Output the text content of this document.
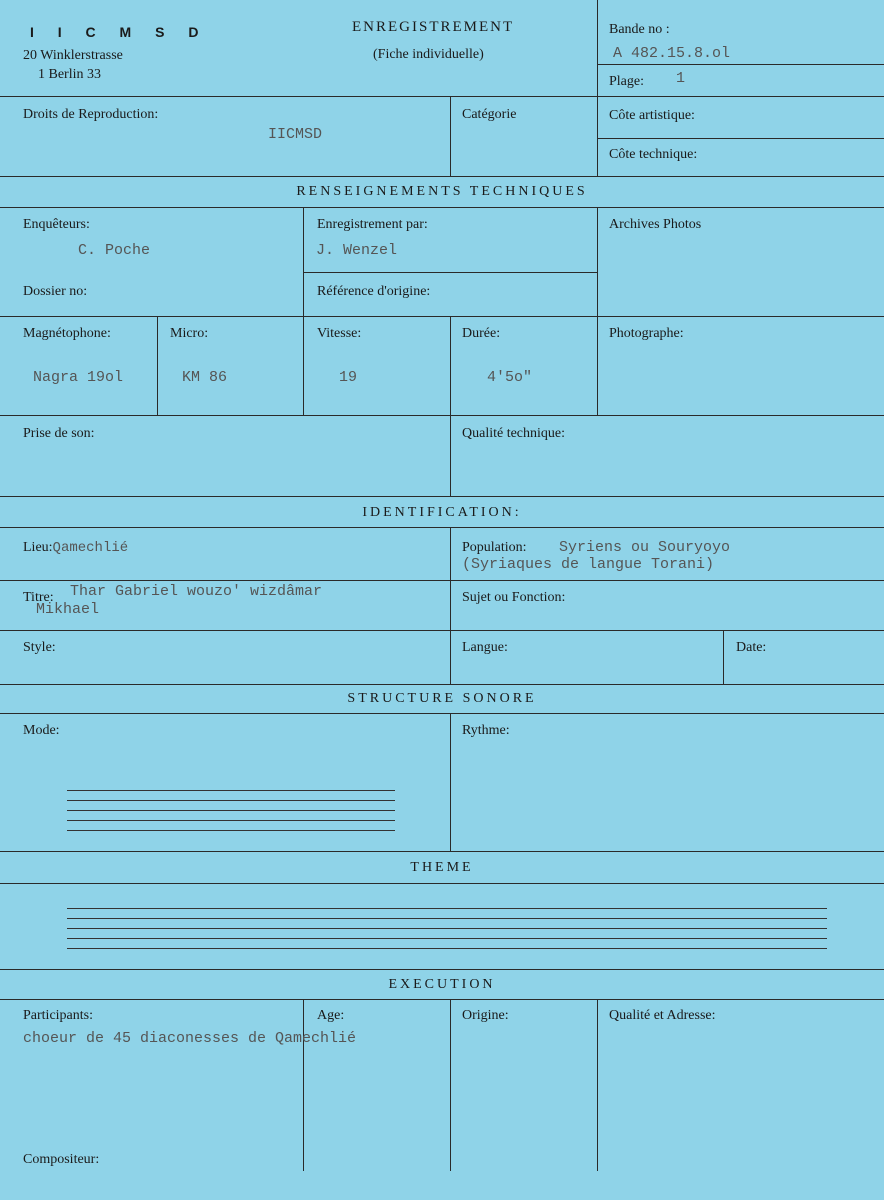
I I C M S D
20 Winklerstrasse
1 Berlin 33
ENREGISTREMENT
(Fiche individuelle)
Bande no :
A 482.15.8.ol
Plage: 1
Droits de Reproduction:
IICMSD
Catégorie	Côte artistique:
Côte technique:
RENSEIGNEMENTS TECHNIQUES
Enquêteurs:
C. Poche
Enregistrement par:
J. Wenzel
Archives Photos
Dossier no:	Référence d'origine:
Magnétophone:
Nagra 19ol
Micro:
KM 86
Vitesse:
19
Durée:
4'5o"
Photographe:
Prise de son:	Qualité technique:
IDENTIFICATION:
Lieu:Qamechlié	Population: Syriens ou Souryoyo
(Syriaques de langue Torani)
Titre: Thar Gabriel wouzo' wizdâmar
Mikhael
Sujet ou Fonction:
Style:	Langue:	Date:
STRUCTURE SONORE
Mode:	Rythme:
THEME
EXECUTION
Participants:
choeur de 45 diaconesses de Qamechlié
Age:	Origine:	Qualité et Adresse:
Compositeur:
